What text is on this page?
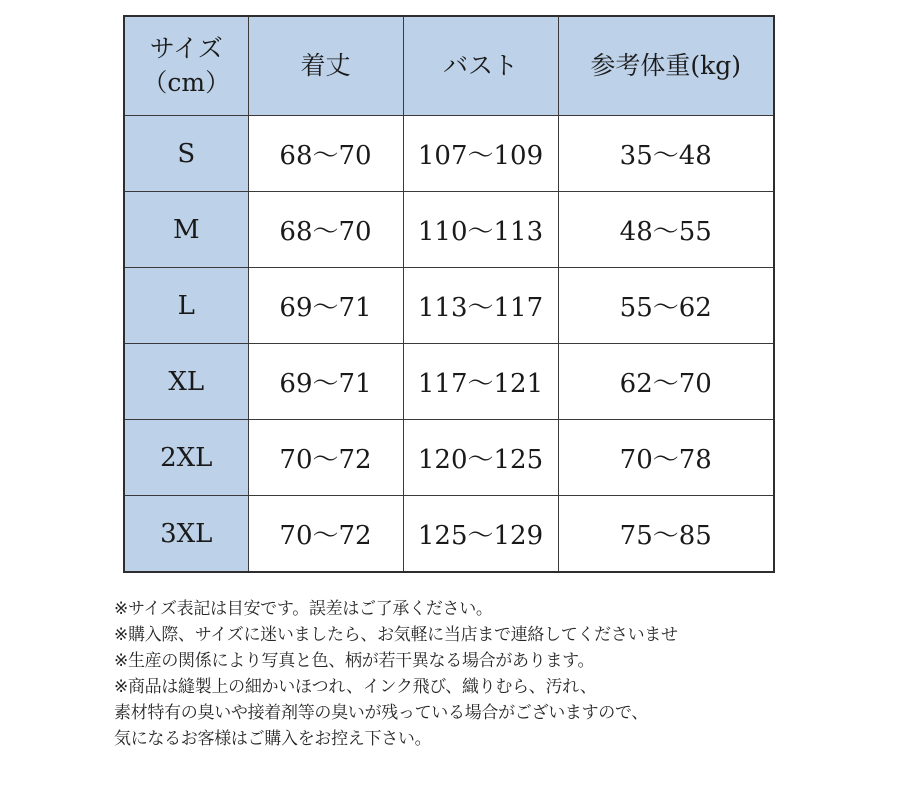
サイズ
（cm）	着丈	バスト	参考体重(kg)
S	68〜70	107〜109	35〜48
M	68〜70	110〜113	48〜55
L	69〜71	113〜117	55〜62
XL	69〜71	117〜121	62〜70
2XL	70〜72	120〜125	70〜78
3XL	70〜72	125〜129	75〜85

※サイズ表記は目安です。誤差はご了承ください。

※購入際、サイズに迷いましたら、お気軽に当店まで連絡してくださいませ

※生産の関係により写真と色、柄が若干異なる場合があります。

※商品は縫製上の細かいほつれ、インク飛び、織りむら、汚れ、

素材特有の臭いや接着剤等の臭いが残っている場合がございますので、

気になるお客様はご購入をお控え下さい。
